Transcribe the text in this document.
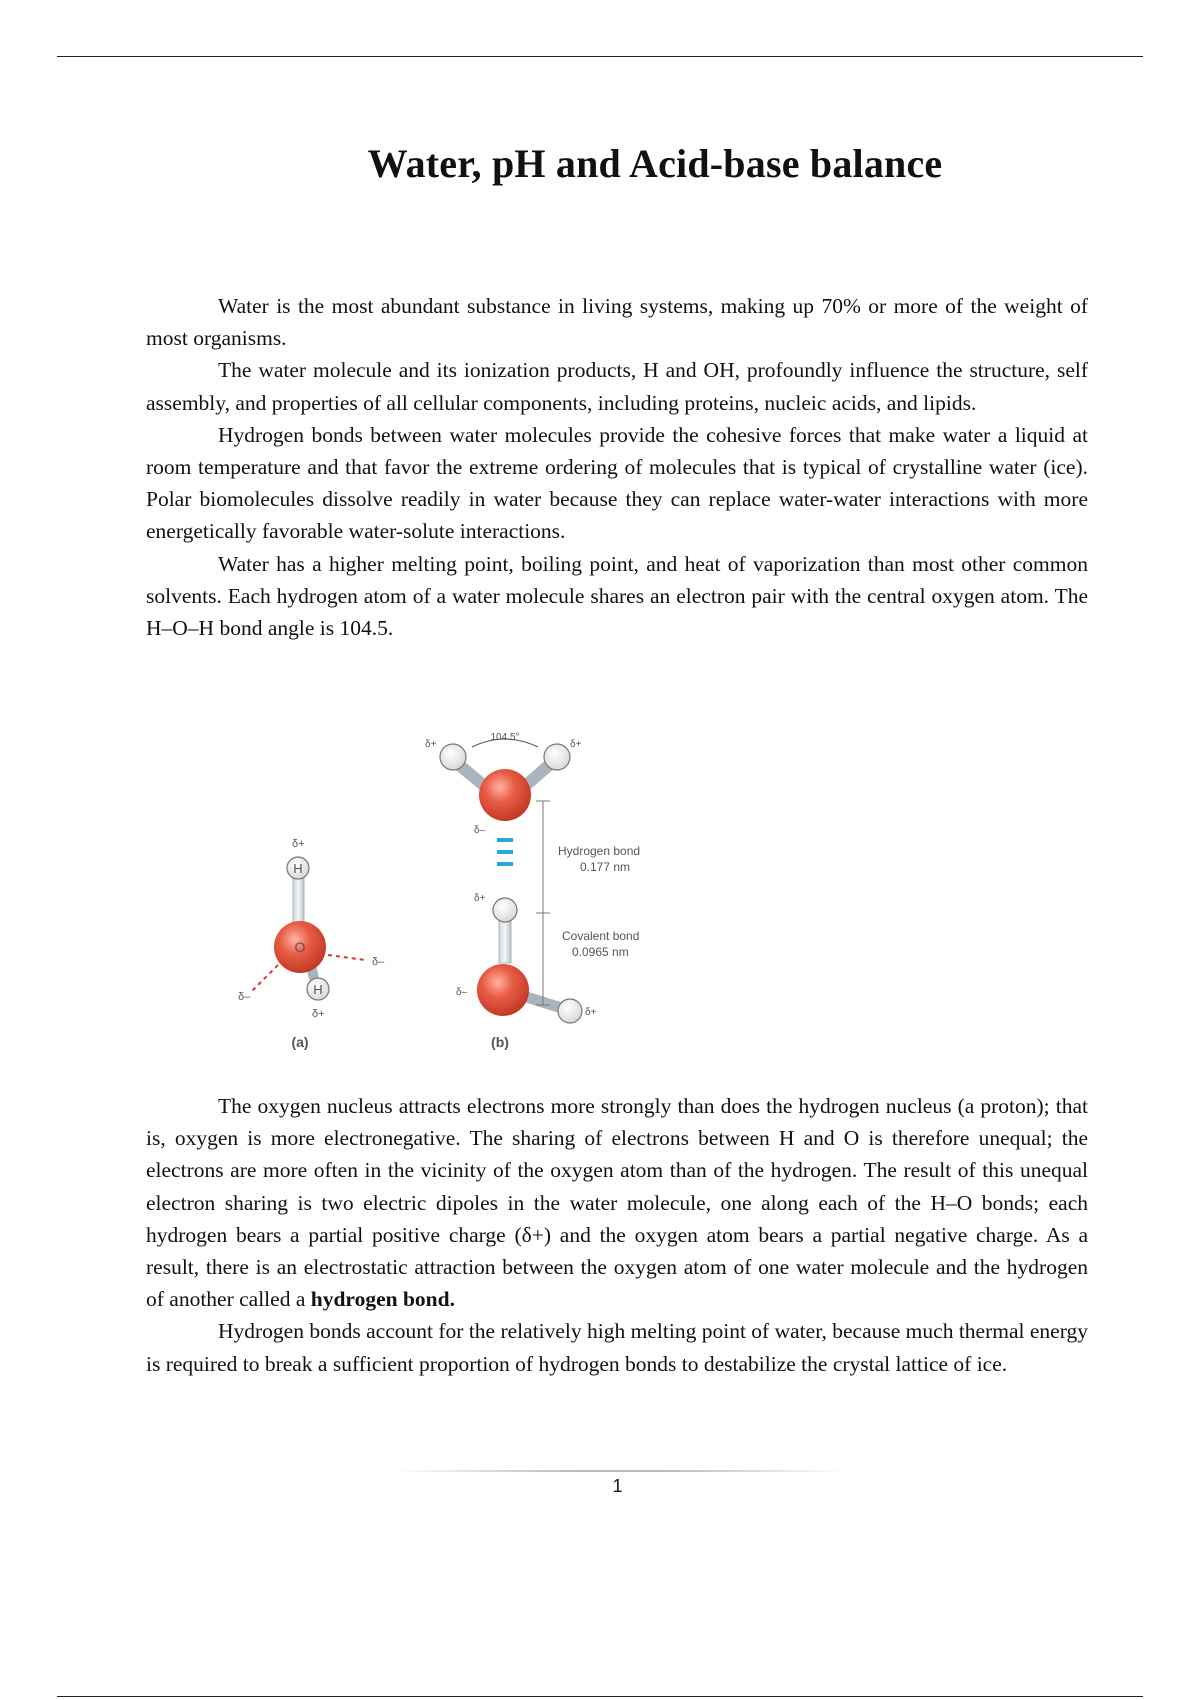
Water, pH and Acid-base balance

Water is the most abundant substance in living systems, making up 70% or more of the weight of most organisms.

The water molecule and its ionization products, H and OH, profoundly influence the structure, self assembly, and properties of all cellular components, including proteins, nucleic acids, and lipids.

Hydrogen bonds between water molecules provide the cohesive forces that make water a liquid at room temperature and that favor the extreme ordering of molecules that is typical of crystalline water (ice). Polar biomolecules dissolve readily in water because they can replace water-water interactions with more energetically favorable water-solute interactions.

Water has a higher melting point, boiling point, and heat of vaporization than most other common solvents. Each hydrogen atom of a water molecule shares an electron pair with the central oxygen atom. The H–O–H bond angle is 104.5.

H
O
H
δ+
δ–
δ–
δ+
(a)
104.5°
δ+	δ+
δ–
δ+
δ–
δ+
Hydrogen bond
0.177 nm
Covalent bond
0.0965 nm
(b)

The oxygen nucleus attracts electrons more strongly than does the hydrogen nucleus (a proton); that is, oxygen is more electronegative. The sharing of electrons between H and O is therefore unequal; the electrons are more often in the vicinity of the oxygen atom than of the hydrogen. The result of this unequal electron sharing is two electric dipoles in the water molecule, one along each of the H–O bonds; each hydrogen bears a partial positive charge (δ+) and the oxygen atom bears a partial negative charge. As a result, there is an electrostatic attraction between the oxygen atom of one water molecule and the hydrogen of another called a hydrogen bond.

Hydrogen bonds account for the relatively high melting point of water, because much thermal energy is required to break a sufficient proportion of hydrogen bonds to destabilize the crystal lattice of ice.

1
